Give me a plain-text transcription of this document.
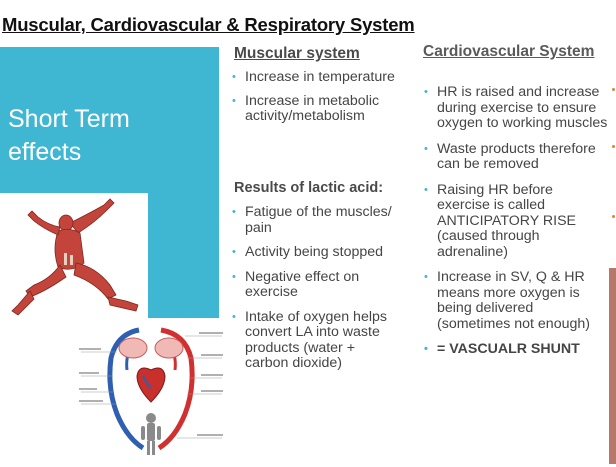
Muscular, Cardiovascular & Respiratory System
Short Term
effects
Muscular system
• Increase in temperature
• Increase in metabolic activity/metabolism
Results of lactic acid:
• Fatigue of the muscles/ pain
• Activity being stopped
• Negative effect on exercise
• Intake of oxygen helps convert LA into waste products (water + carbon dioxide)
Cardiovascular System
• HR is raised and increase during exercise to ensure oxygen to working muscles
• Waste products therefore can be removed
• Raising HR before exercise is called ANTICIPATORY RISE (caused through adrenaline)
• Increase in SV, Q & HR means more oxygen is being delivered (sometimes not enough)
• = VASCUALR SHUNT
